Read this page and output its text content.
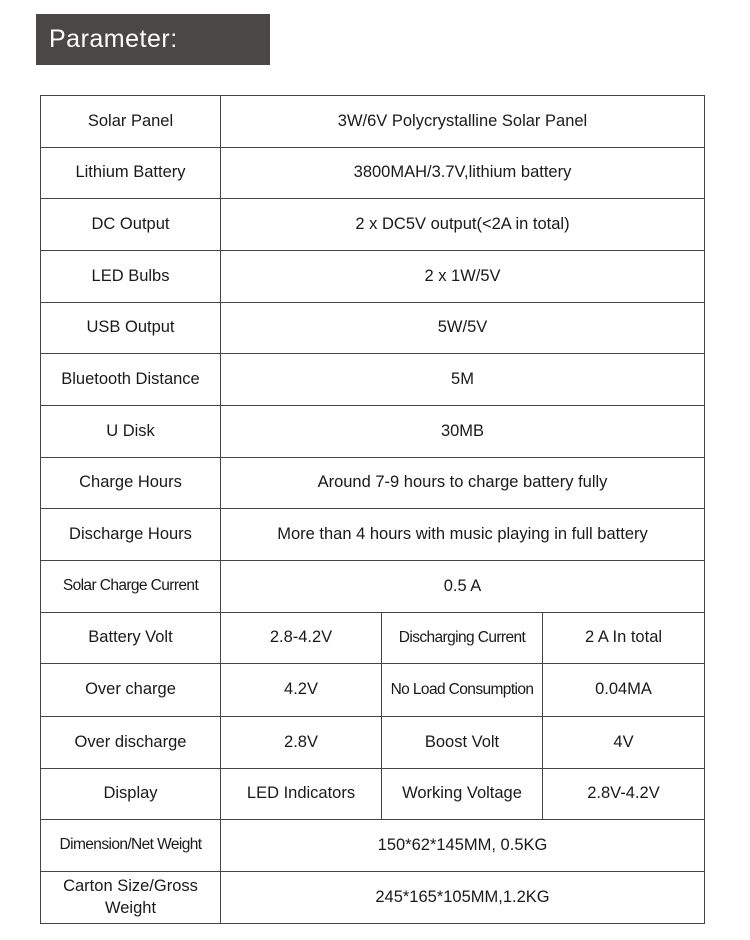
Parameter:
Solar Panel	3W/6V Polycrystalline Solar Panel		
Lithium Battery	3800MAH/3.7V,lithium battery		
DC Output	2 x DC5V output(<2A in total)		
LED Bulbs	2 x 1W/5V		
USB Output	5W/5V		
Bluetooth Distance	5M		
U Disk	30MB		
Charge Hours	Around 7-9 hours to charge battery fully		
Discharge Hours	More than 4 hours with music playing in full battery		
Solar Charge Current	0.5 A		
Battery Volt	2.8-4.2V	Discharging Current	2 A In total
Over charge	4.2V	No Load Consumption	0.04MA
Over discharge	2.8V	Boost Volt	4V
Display	LED Indicators	Working Voltage	2.8V-4.2V
Dimension/Net Weight	150*62*145MM, 0.5KG		
Carton Size/Gross Weight	245*165*105MM,1.2KG		
